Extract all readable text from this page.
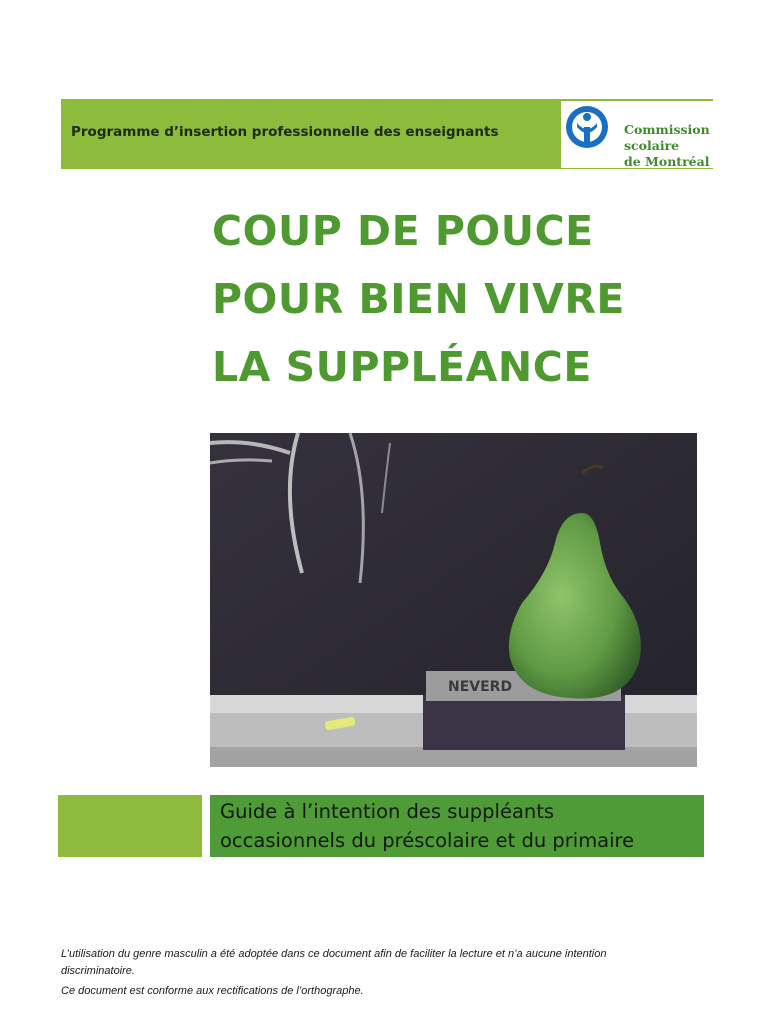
Programme d’insertion professionnelle des enseignants	Commission
scolaire
de Montréal
COUP DE POUCE
POUR BIEN VIVRE
LA SUPPLÉANCE
NEVERD
Guide à l’intention des suppléants
occasionnels du préscolaire et du primaire

L’utilisation du genre masculin a été adoptée dans ce document afin de faciliter la lecture et n’a aucune intention discriminatoire.

Ce document est conforme aux rectifications de l’orthographe.
